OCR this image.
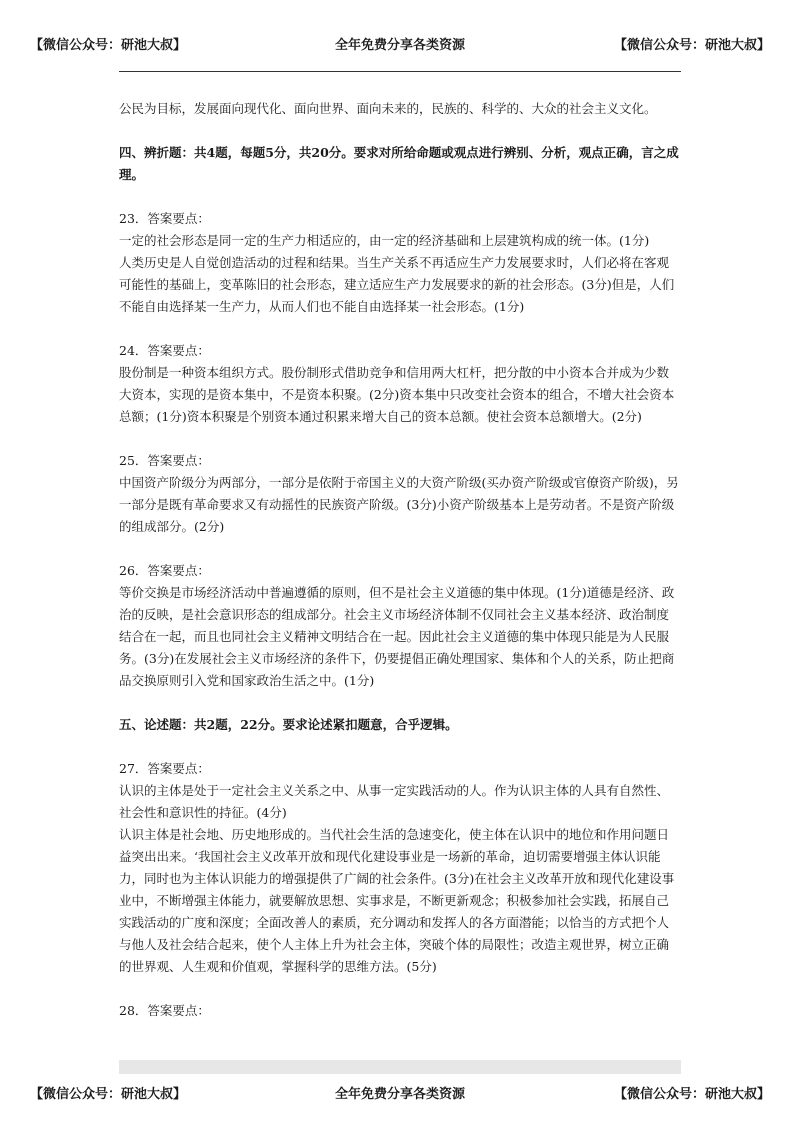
全年免费分享各类资源
【微信公众号：研池大叔】	【微信公众号：研池大叔】

公民为目标，发展面向现代化、面向世界、面向未来的，民族的、科学的、大众的社会主义文化。

四、辨折题：共4题，每题5分，共20分。要求对所给命题或观点进行辨别、分析，观点正确，言之成理。

23．答案要点：

一定的社会形态是同一定的生产力相适应的，由一定的经济基础和上层建筑构成的统一体。(1分)

人类历史是人自觉创造活动的过程和结果。当生产关系不再适应生产力发展要求时，人们必将在客观可能性的基础上，变革陈旧的社会形态，建立适应生产力发展要求的新的社会形态。(3分)但是，人们不能自由选择某一生产力，从而人们也不能自由选择某一社会形态。(1分)

24．答案要点：

股份制是一种资本组织方式。股份制形式借助竞争和信用两大杠杆，把分散的中小资本合并成为少数大资本，实现的是资本集中，不是资本积聚。(2分)资本集中只改变社会资本的组合，不增大社会资本总额；(1分)资本积聚是个别资本通过积累来增大自己的资本总额。使社会资本总额增大。(2分)

25．答案要点：

中国资产阶级分为两部分，一部分是依附于帝国主义的大资产阶级(买办资产阶级或官僚资产阶级)，另一部分是既有革命要求又有动摇性的民族资产阶级。(3分)小资产阶级基本上是劳动者。不是资产阶级的组成部分。(2分)

26．答案要点：

等价交换是市场经济活动中普遍遵循的原则，但不是社会主义道德的集中体现。(1分)道德是经济、政治的反映，是社会意识形态的组成部分。社会主义市场经济体制不仅同社会主义基本经济、政治制度结合在一起，而且也同社会主义精神文明结合在一起。因此社会主义道德的集中体现只能是为人民服务。(3分)在发展社会主义市场经济的条件下，仍要提倡正确处理国家、集体和个人的关系，防止把商品交换原则引入党和国家政治生活之中。(1分)

五、论述题：共2题，22分。要求论述紧扣题意，合乎逻辑。

27．答案要点：

认识的主体是处于一定社会主义关系之中、从事一定实践活动的人。作为认识主体的人具有自然性、社会性和意识性的持征。(4分)

认识主体是社会地、历史地形成的。当代社会生活的急速变化，使主体在认识中的地位和作用问题日益突出出来。‘我国社会主义改革开放和现代化建设事业是一场新的革命，迫切需要增强主体认识能力，同时也为主体认识能力的增强提供了广阔的社会条件。(3分)在社会主义改革开放和现代化建设事业中，不断增强主体能力，就要解放思想、实事求是，不断更新观念；积极参加社会实践，拓展自己实践活动的广度和深度；全面改善人的素质，充分调动和发挥人的各方面潜能；以恰当的方式把个人与他人及社会结合起来，使个人主体上升为社会主体，突破个体的局限性；改造主观世界，树立正确的世界观、人生观和价值观，掌握科学的思维方法。(5分)

28．答案要点：

全年免费分享各类资源
【微信公众号：研池大叔】	【微信公众号：研池大叔】
